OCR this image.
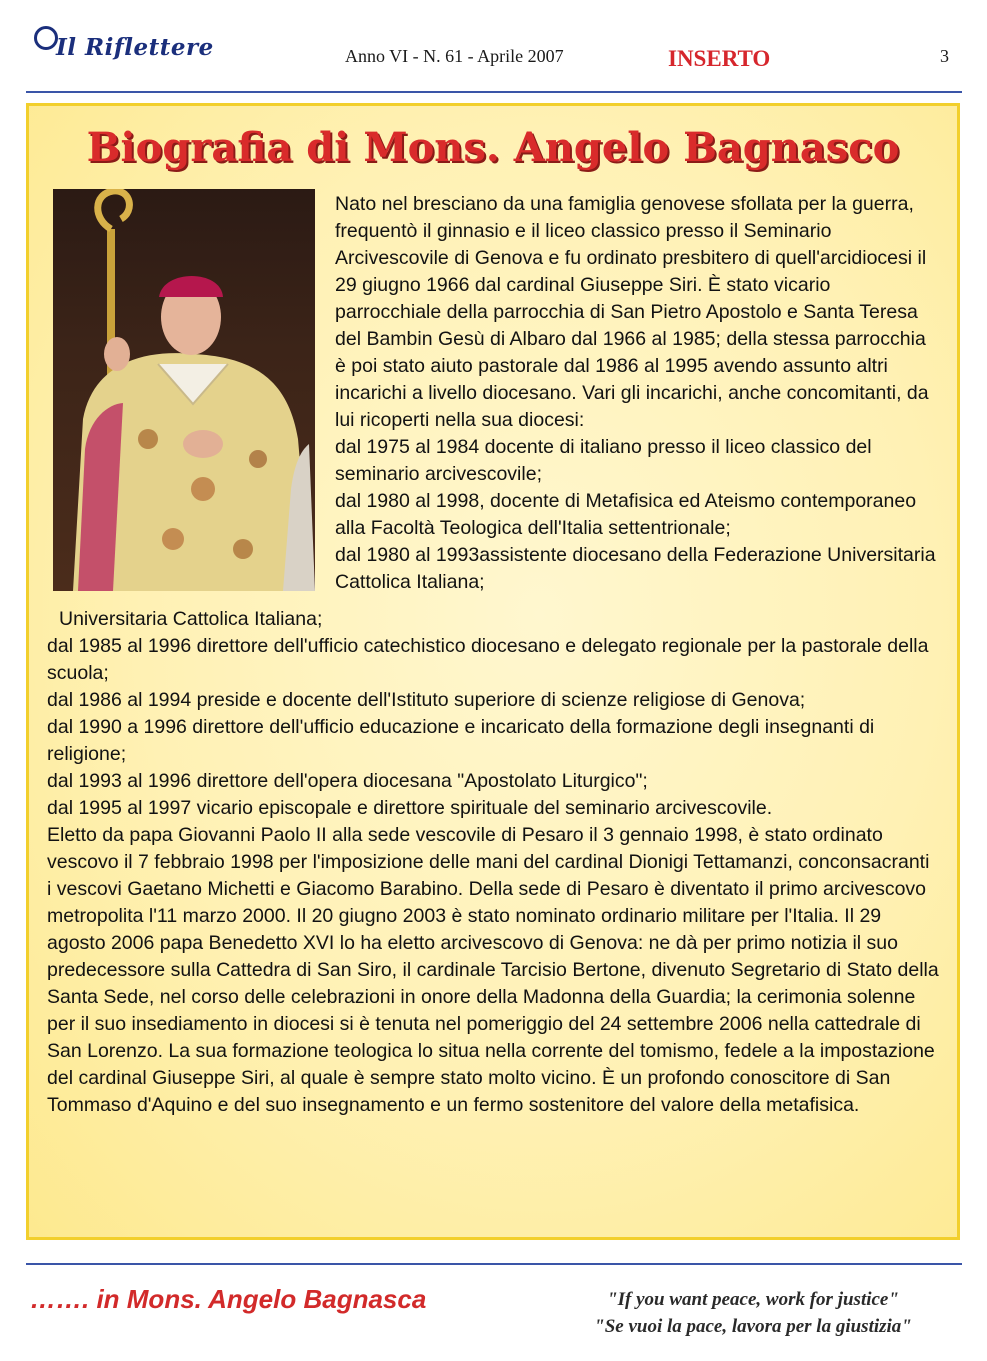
Il Riflettere	Anno VI - N. 61 - Aprile 2007	INSERTO	3
Biografia di Mons. Angelo Bagnasco

Nato nel bresciano da una famiglia genovese sfollata per la guerra, frequentò il ginnasio e il liceo classico presso il Seminario Arcivescovile di Genova e fu ordinato presbitero di quell'arcidiocesi il 29 giugno 1966 dal cardinal Giuseppe Siri. È stato vicario parrocchiale della parrocchia di San Pietro Apostolo e Santa Teresa del Bambin Gesù di Albaro dal 1966 al 1985; della stessa parrocchia è poi stato aiuto pastorale dal 1986 al 1995 avendo assunto altri incarichi a livello diocesano. Vari gli incarichi, anche concomitanti, da lui ricoperti nella sua diocesi:

dal 1975 al 1984 docente di italiano presso il liceo classico del seminario arcivescovile;

dal 1980 al 1998, docente di Metafisica ed Ateismo contemporaneo alla Facoltà Teologica dell'Italia settentrionale;

dal 1980 al 1993assistente diocesano della Federazione Universitaria Cattolica Italiana;

Universitaria Cattolica Italiana;

dal 1985 al 1996 direttore dell'ufficio catechistico diocesano e delegato regionale per la pastorale della scuola;

dal 1986 al 1994 preside e docente dell'Istituto superiore di scienze religiose di Genova;

dal 1990 a 1996 direttore dell'ufficio educazione e incaricato della formazione degli insegnanti di religione;

dal 1993 al 1996 direttore dell'opera diocesana "Apostolato Liturgico";

dal 1995 al 1997 vicario episcopale e direttore spirituale del seminario arcivescovile.

Eletto da papa Giovanni Paolo II alla sede vescovile di Pesaro il 3 gennaio 1998, è stato ordinato vescovo il 7 febbraio 1998 per l'imposizione delle mani del cardinal Dionigi Tettamanzi, conconsacranti i vescovi Gaetano Michetti e Giacomo Barabino. Della sede di Pesaro è diventato il primo arcivescovo metropolita l'11 marzo 2000. Il 20 giugno 2003 è stato nominato ordinario militare per l'Italia. Il 29 agosto 2006 papa Benedetto XVI lo ha eletto arcivescovo di Genova: ne dà per primo notizia il suo predecessore sulla Cattedra di San Siro, il cardinale Tarcisio Bertone, divenuto Segretario di Stato della Santa Sede, nel corso delle celebrazioni in onore della Madonna della Guardia; la cerimonia solenne per il suo insediamento in diocesi si è tenuta nel pomeriggio del 24 settembre 2006 nella cattedrale di San Lorenzo. La sua formazione teologica lo situa nella corrente del tomismo, fedele a la impostazione del cardinal Giuseppe Siri, al quale è sempre stato molto vicino. È un profondo conoscitore di San Tommaso d'Aquino e del suo insegnamento e un fermo sostenitore del valore della metafisica.

……. in Mons. Angelo Bagnasca	"If you want peace, work for justice"
"Se vuoi la pace, lavora per la giustizia"
